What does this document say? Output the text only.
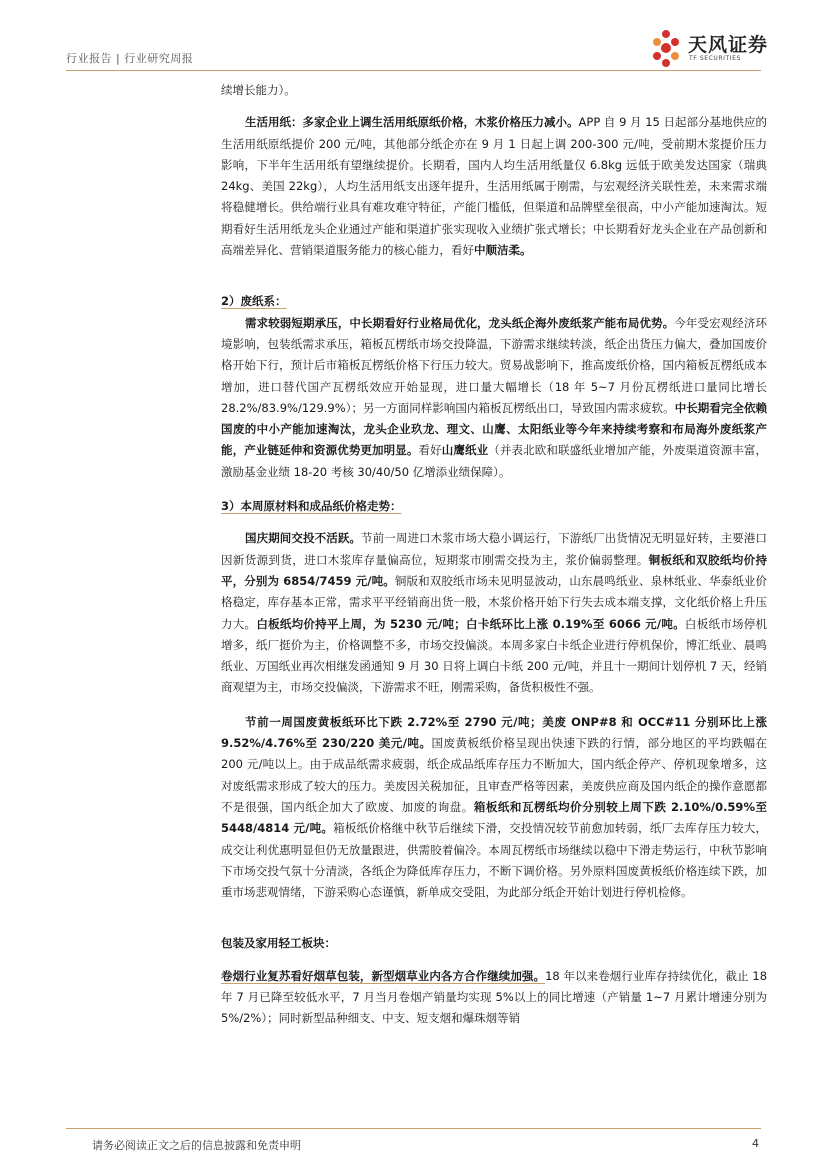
行业报告 | 行业研究周报
天风证券
TF SECURITIES

续增长能力）。

生活用纸：多家企业上调生活用纸原纸价格，木浆价格压力减小。APP 自 9 月 15 日起部分基地供应的生活用纸原纸提价 200 元/吨，其他部分纸企亦在 9 月 1 日起上调 200-300 元/吨，受前期木浆提价压力影响，下半年生活用纸有望继续提价。长期看，国内人均生活用纸量仅 6.8kg 远低于欧美发达国家（瑞典 24kg、美国 22kg），人均生活用纸支出逐年提升，生活用纸属于刚需，与宏观经济关联性差，未来需求端将稳健增长。供给端行业具有难攻难守特征，产能门槛低，但渠道和品牌壁垒很高，中小产能加速淘汰。短期看好生活用纸龙头企业通过产能和渠道扩张实现收入业绩扩张式增长；中长期看好龙头企业在产品创新和高端差异化、营销渠道服务能力的核心能力，看好中顺洁柔。

2）废纸系：

需求较弱短期承压，中长期看好行业格局优化，龙头纸企海外废纸浆产能布局优势。今年受宏观经济环境影响，包装纸需求承压，箱板瓦楞纸市场交投降温，下游需求继续转淡，纸企出货压力偏大，叠加国废价格开始下行，预计后市箱板瓦楞纸价格下行压力较大。贸易战影响下，推高废纸价格，国内箱板瓦楞纸成本增加，进口替代国产瓦楞纸效应开始显现，进口量大幅增长（18 年 5~7 月份瓦楞纸进口量同比增长 28.2%/83.9%/129.9%）；另一方面同样影响国内箱板瓦楞纸出口，导致国内需求疲软。中长期看完全依赖国废的中小产能加速淘汰，龙头企业玖龙、理文、山鹰、太阳纸业等今年来持续考察和布局海外废纸浆产能，产业链延伸和资源优势更加明显。看好山鹰纸业（并表北欧和联盛纸业增加产能，外废渠道资源丰富，激励基金业绩 18-20 考核 30/40/50 亿增添业绩保障）。

3）本周原材料和成品纸价格走势：

国庆期间交投不活跃。节前一周进口木浆市场大稳小调运行，下游纸厂出货情况无明显好转，主要港口因新货源到货，进口木浆库存量偏高位，短期浆市刚需交投为主，浆价偏弱整理。铜板纸和双胶纸均价持平，分别为 6854/7459 元/吨。铜版和双胶纸市场未见明显波动，山东晨鸣纸业、泉林纸业、华泰纸业价格稳定，库存基本正常，需求平平经销商出货一般，木浆价格开始下行失去成本端支撑，文化纸价格上升压力大。白板纸均价持平上周，为 5230 元/吨；白卡纸环比上涨 0.19%至 6066 元/吨。白板纸市场停机增多，纸厂挺价为主，价格调整不多，市场交投偏淡。本周多家白卡纸企业进行停机保价，博汇纸业、晨鸣纸业、万国纸业再次相继发函通知 9 月 30 日将上调白卡纸 200 元/吨，并且十一期间计划停机 7 天，经销商观望为主，市场交投偏淡，下游需求不旺，刚需采购，备货积极性不强。

节前一周国废黄板纸环比下跌 2.72%至 2790 元/吨；美废 ONP#8 和 OCC#11 分别环比上涨 9.52%/4.76%至 230/220 美元/吨。国废黄板纸价格呈现出快速下跌的行情，部分地区的平均跌幅在 200 元/吨以上。由于成品纸需求疲弱，纸企成品纸库存压力不断加大，国内纸企停产、停机现象增多，这对废纸需求形成了较大的压力。美废因关税加征，且审查严格等因素，美废供应商及国内纸企的操作意愿都不是很强，国内纸企加大了欧废、加废的询盘。箱板纸和瓦楞纸均价分别较上周下跌 2.10%/0.59%至 5448/4814 元/吨。箱板纸价格继中秋节后继续下滑，交投情况较节前愈加转弱，纸厂去库存压力较大，成交让利优惠明显但仍无放量跟进，供需胶着偏冷。本周瓦楞纸市场继续以稳中下滑走势运行，中秋节影响下市场交投气氛十分清淡，各纸企为降低库存压力，不断下调价格。另外原料国废黄板纸价格连续下跌，加重市场悲观情绪，下游采购心态谨慎，新单成交受阻，为此部分纸企开始计划进行停机检修。

包装及家用轻工板块：

卷烟行业复苏看好烟草包装，新型烟草业内各方合作继续加强。18 年以来卷烟行业库存持续优化，截止 18 年 7 月已降至较低水平，7 月当月卷烟产销量均实现 5%以上的同比增速（产销量 1~7 月累计增速分别为 5%/2%）；同时新型品种细支、中支、短支烟和爆珠烟等销

请务必阅读正文之后的信息披露和免责申明	4
